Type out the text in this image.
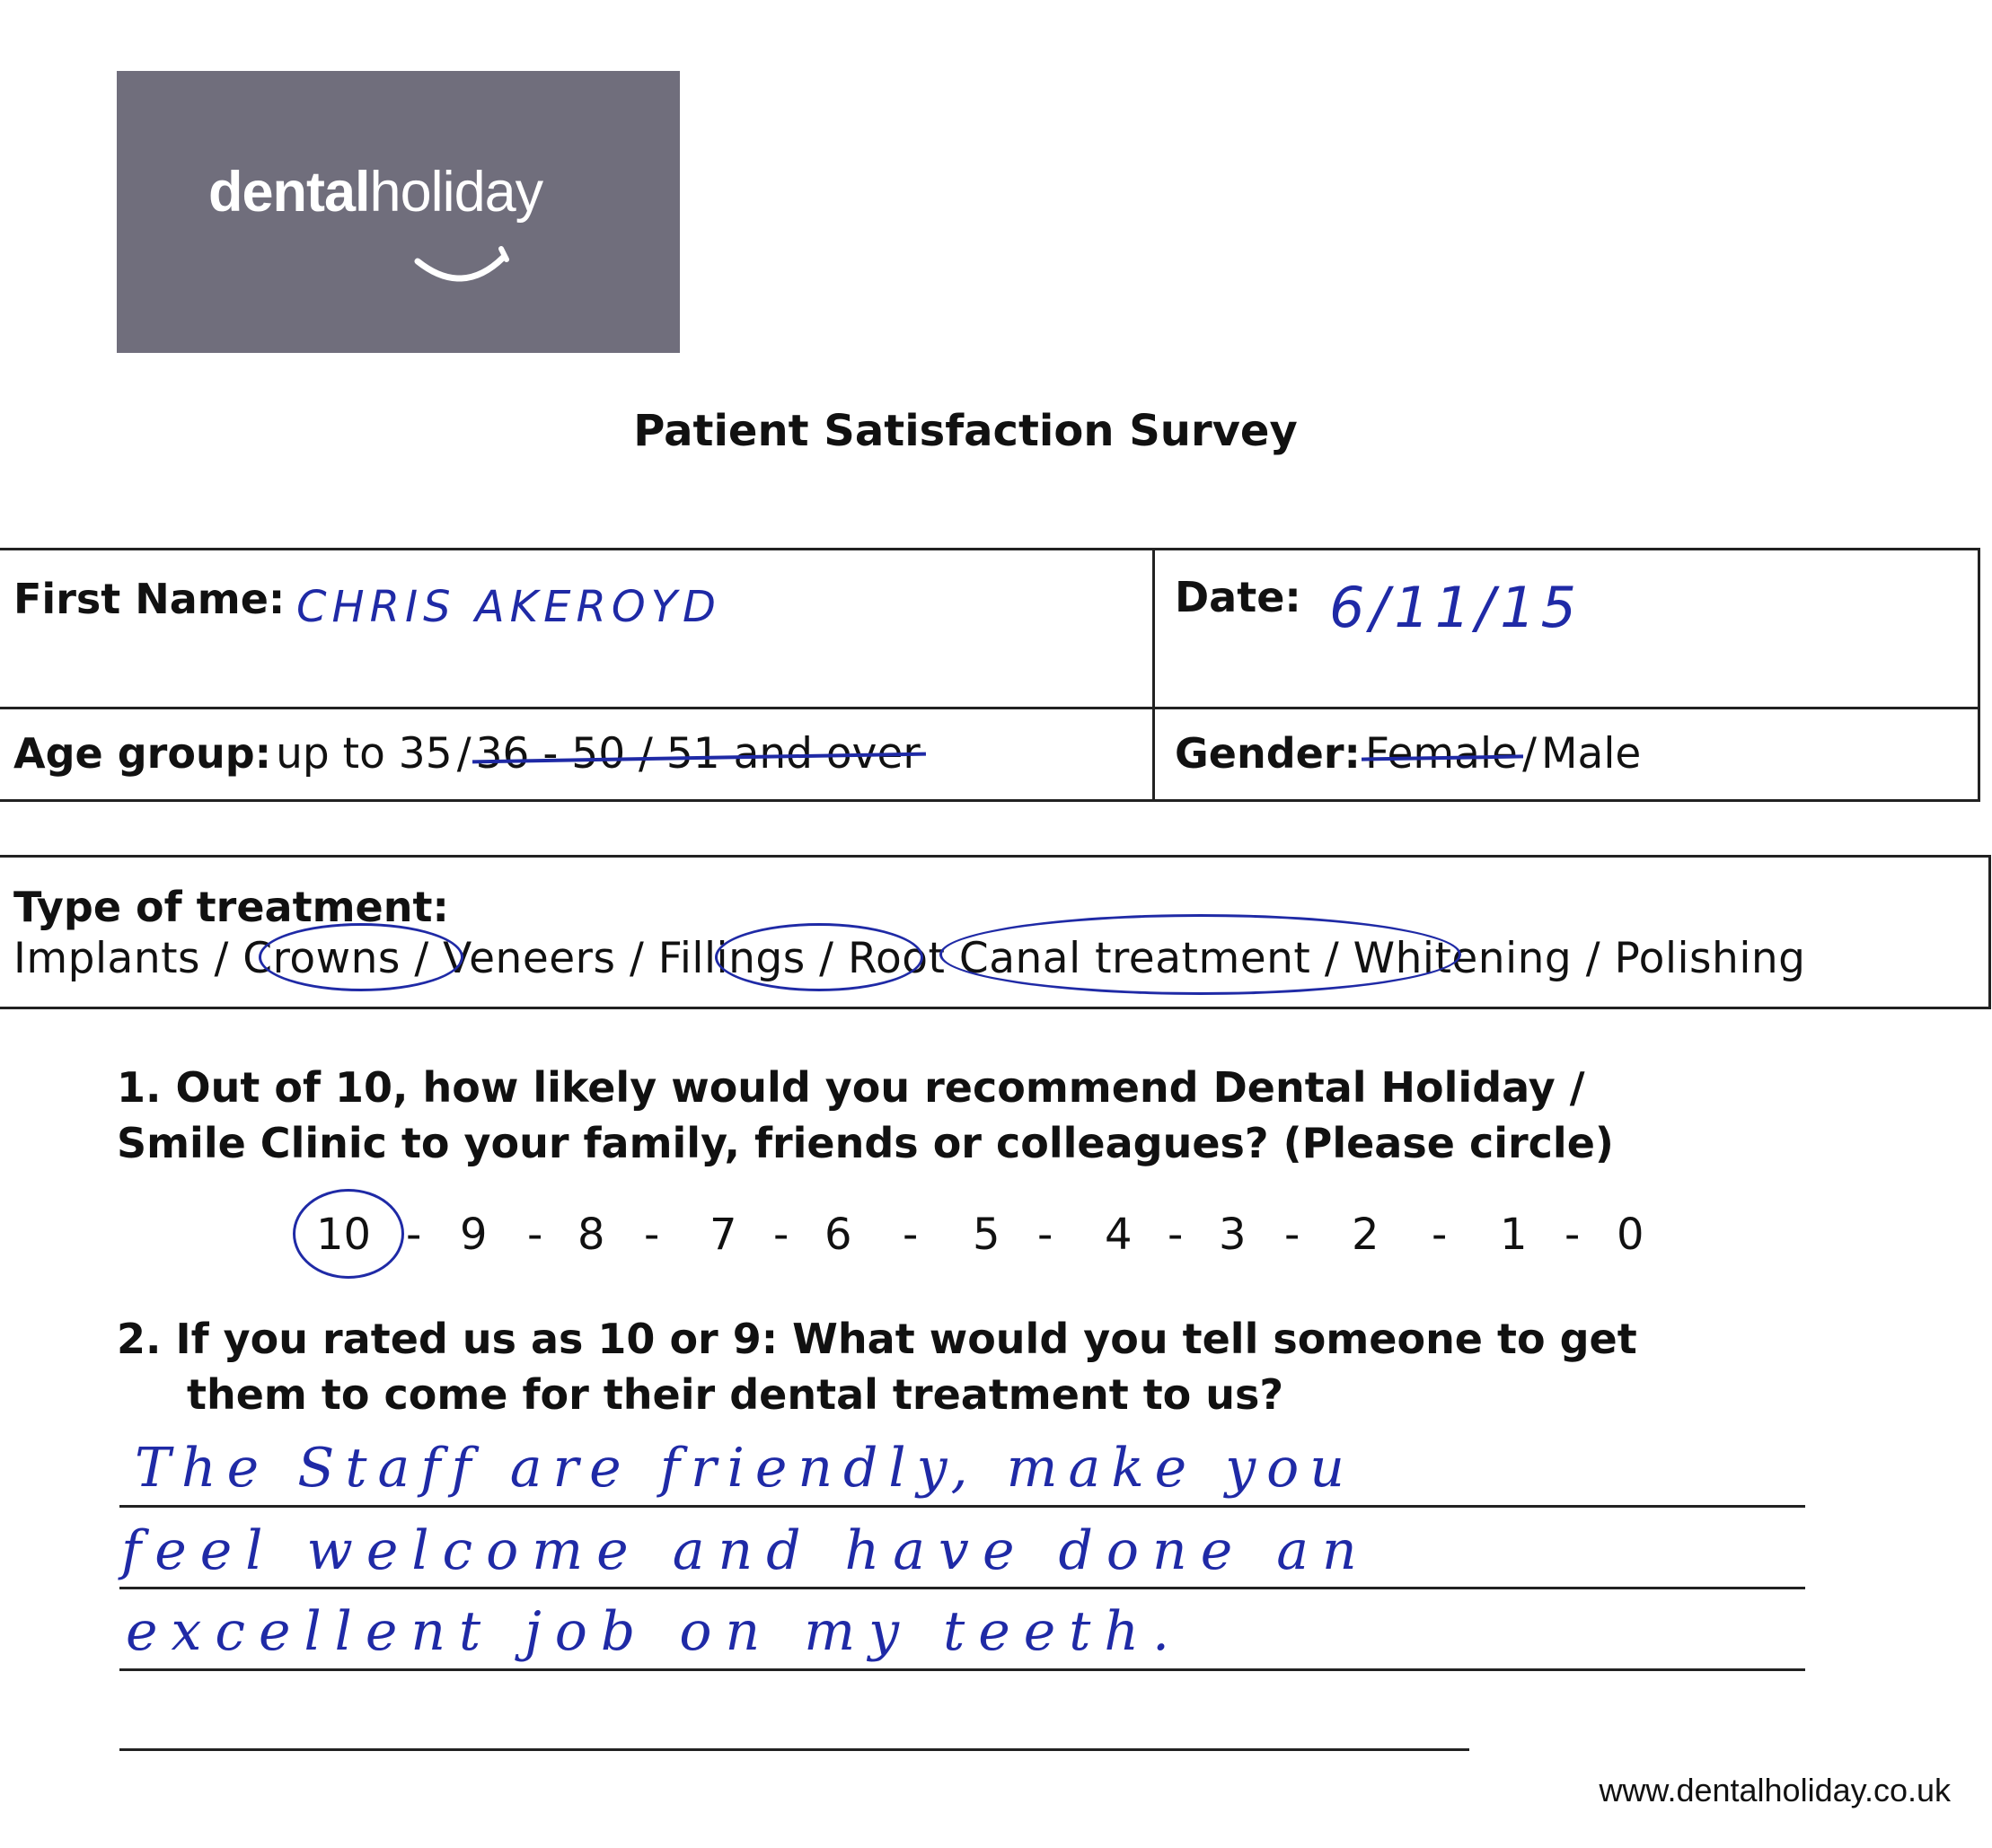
dentalholiday
Patient Satisfaction Survey
First Name: CHRIS AKEROYD	Date: 6/11/15
Age group: up to 35 / 36 - 50 / 51 and over	Gender: Female / Male
Type of treatment:
Implants / Crowns / Veneers / Fillings / Root Canal treatment / Whitening / Polishing
1. Out of 10, how likely would you recommend Dental Holiday /
Smile Clinic to your family, friends or colleagues? (Please circle)
10 - 9 - 8 - 7 - 6 - 5 - 4 - 3 - 2 - 1 - 0
2. If you rated us as 10 or 9: What would you tell someone to get
them to come for their dental treatment to us?
The Staff are friendly, make you
feel welcome and have done an
excellent job on my teeth.
www.dentalholiday.co.uk
